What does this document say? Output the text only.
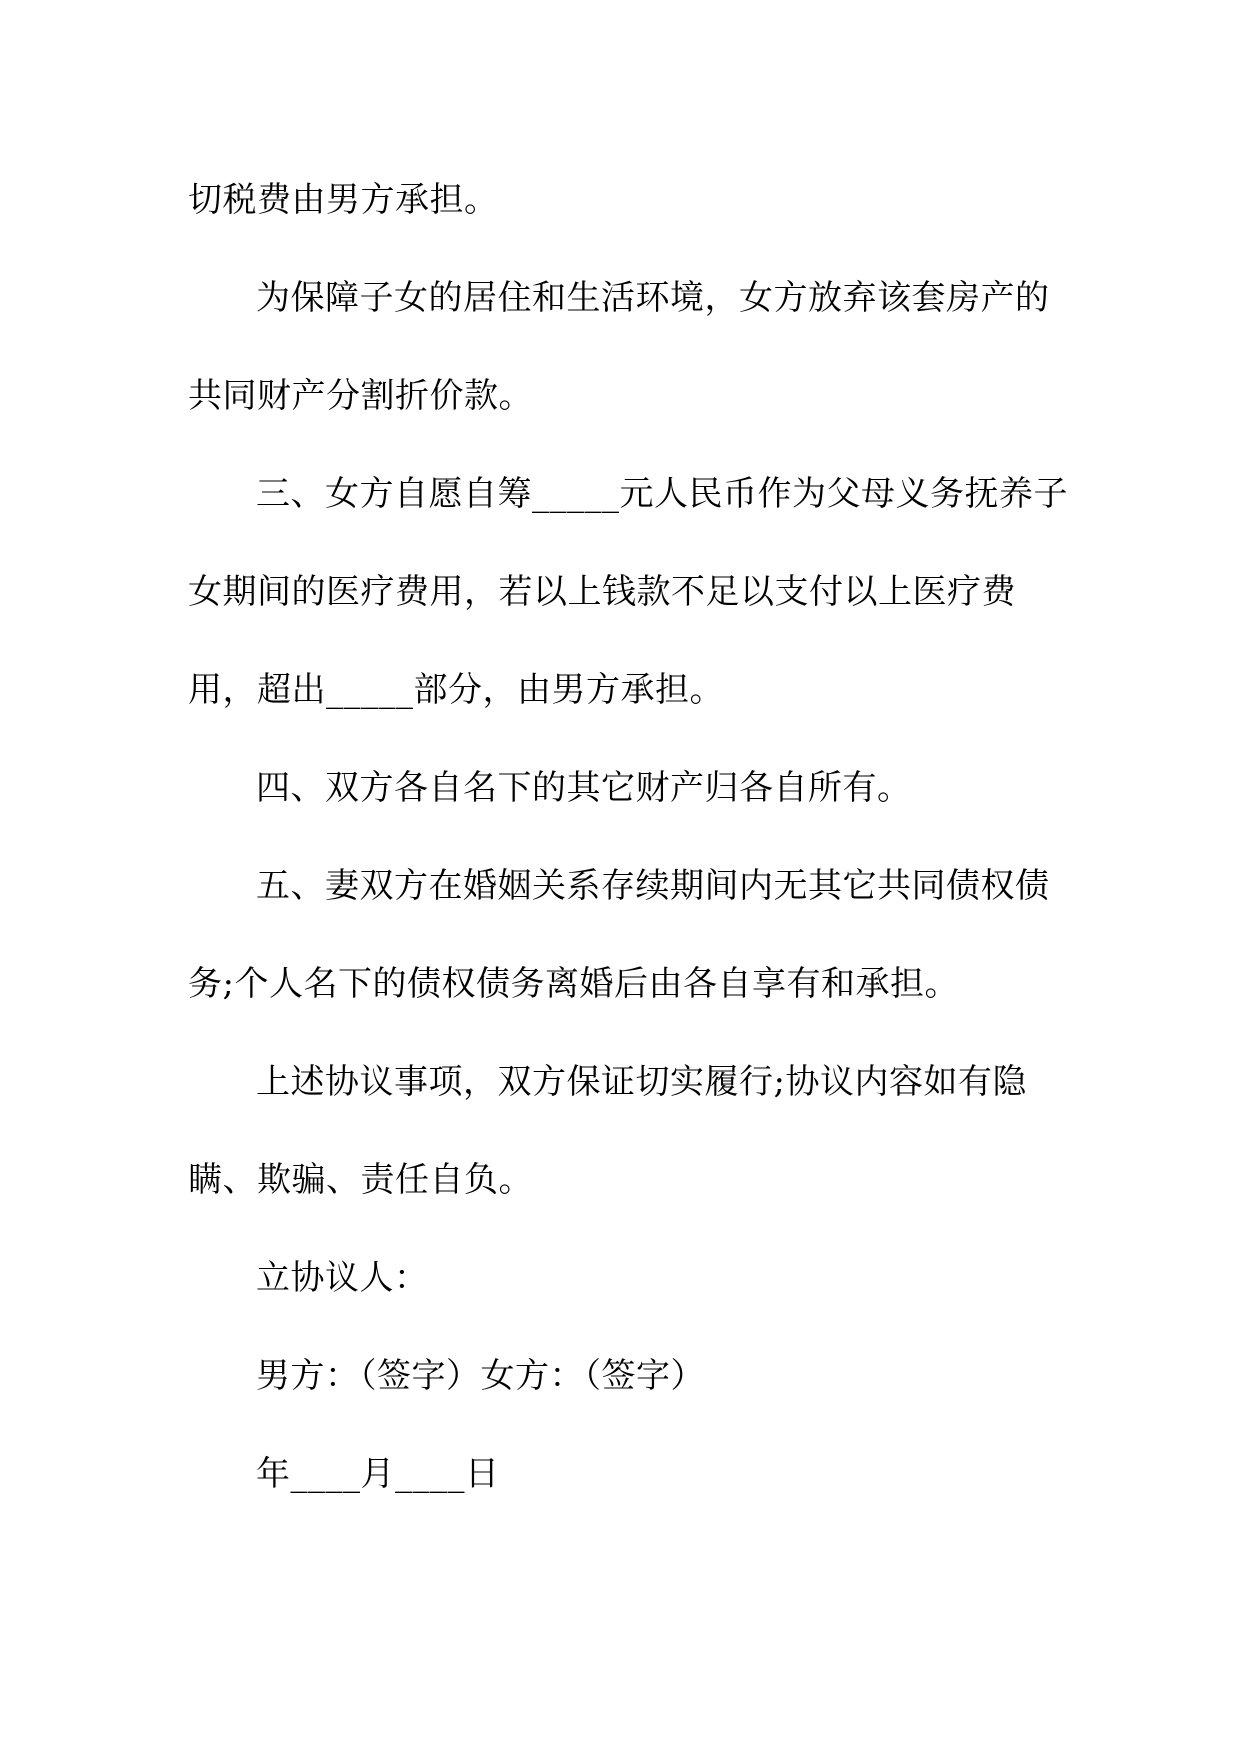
切税费由男方承担。
为保障子女的居住和生活环境，女方放弃该套房产的
共同财产分割折价款。
三、女方自愿自筹_____元人民币作为父母义务抚养子
女期间的医疗费用，若以上钱款不足以支付以上医疗费
用，超出_____部分，由男方承担。
四、双方各自名下的其它财产归各自所有。
五、妻双方在婚姻关系存续期间内无其它共同债权债
务;个人名下的债权债务离婚后由各自享有和承担。
上述协议事项，双方保证切实履行;协议内容如有隐
瞒、欺骗、责任自负。
立协议人：
男方：（签字）女方：（签字）
年____月____日
